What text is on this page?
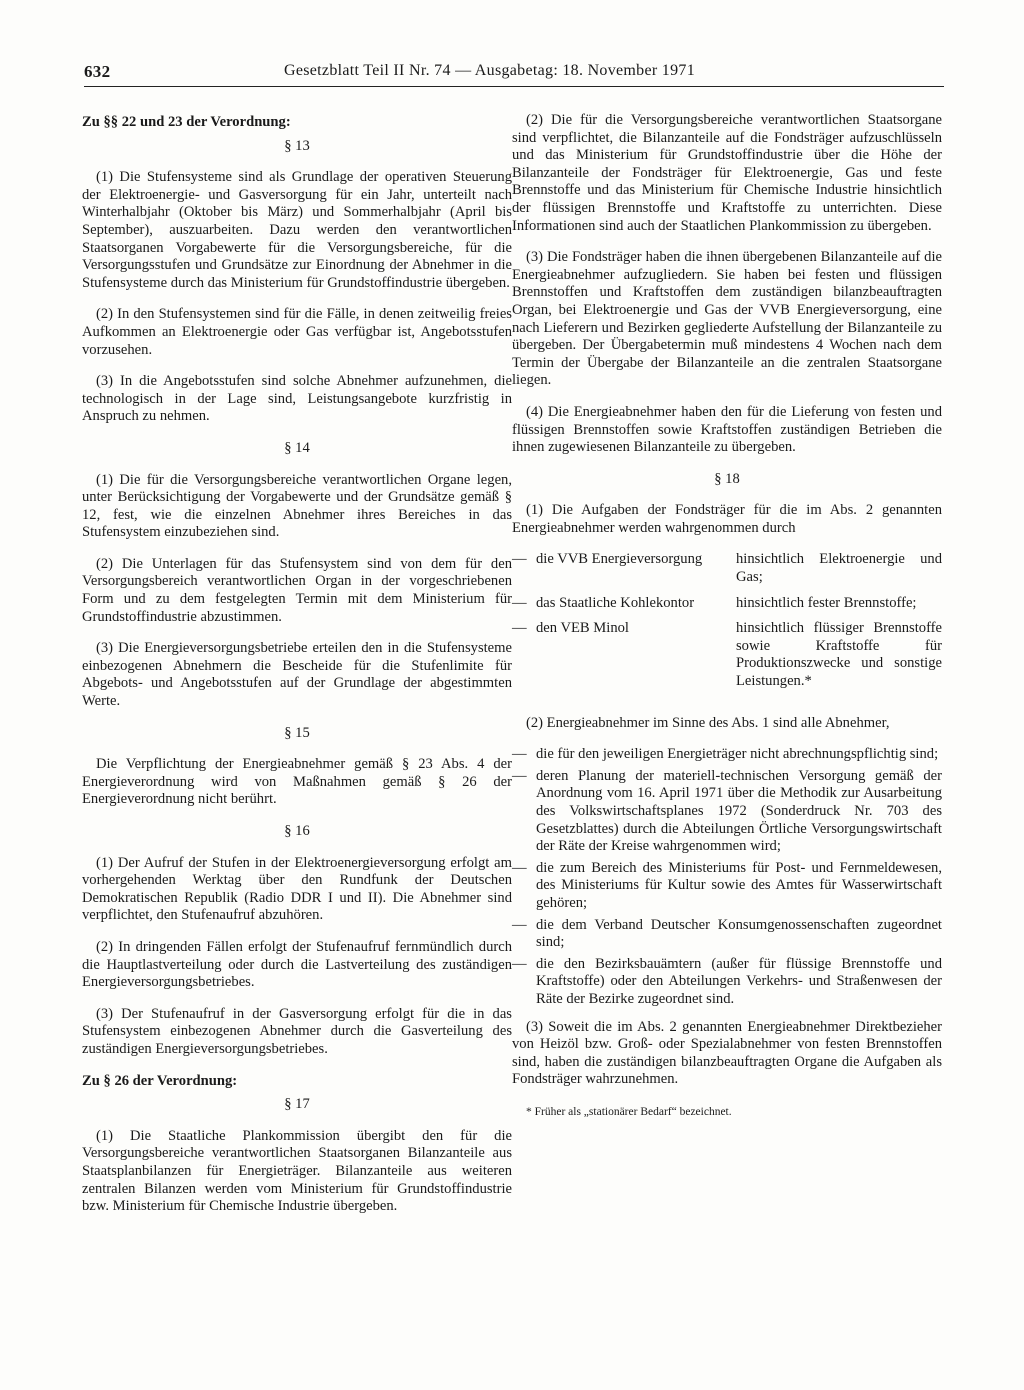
632	Gesetzblatt Teil II Nr. 74 — Ausgabetag: 18. November 1971
Zu §§ 22 und 23 der Verordnung:
§ 13

(1) Die Stufensysteme sind als Grundlage der operativen Steuerung der Elektroenergie- und Gasversorgung für ein Jahr, unterteilt nach Winterhalbjahr (Oktober bis März) und Sommerhalbjahr (April bis September), auszuarbeiten. Dazu werden den verantwortlichen Staatsorganen Vorgabewerte für die Versorgungsbereiche, für die Versorgungsstufen und Grundsätze zur Einordnung der Abnehmer in die Stufensysteme durch das Ministerium für Grundstoffindustrie übergeben.

(2) In den Stufensystemen sind für die Fälle, in denen zeitweilig freies Aufkommen an Elektroenergie oder Gas verfügbar ist, Angebotsstufen vorzusehen.

(3) In die Angebotsstufen sind solche Abnehmer aufzunehmen, die technologisch in der Lage sind, Leistungsangebote kurzfristig in Anspruch zu nehmen.

§ 14

(1) Die für die Versorgungsbereiche verantwortlichen Organe legen, unter Berücksichtigung der Vorgabewerte und der Grundsätze gemäß § 12, fest, wie die einzelnen Abnehmer ihres Bereiches in das Stufensystem einzubeziehen sind.

(2) Die Unterlagen für das Stufensystem sind von dem für den Versorgungsbereich verantwortlichen Organ in der vorgeschriebenen Form und zu dem festgelegten Termin mit dem Ministerium für Grundstoffindustrie abzustimmen.

(3) Die Energieversorgungsbetriebe erteilen den in die Stufensysteme einbezogenen Abnehmern die Bescheide für die Stufenlimite für Abgebots- und Angebotsstufen auf der Grundlage der abgestimmten Werte.

§ 15

Die Verpflichtung der Energieabnehmer gemäß § 23 Abs. 4 der Energieverordnung wird von Maßnahmen gemäß § 26 der Energieverordnung nicht berührt.

§ 16

(1) Der Aufruf der Stufen in der Elektroenergieversorgung erfolgt am vorhergehenden Werktag über den Rundfunk der Deutschen Demokratischen Republik (Radio DDR I und II). Die Abnehmer sind verpflichtet, den Stufenaufruf abzuhören.

(2) In dringenden Fällen erfolgt der Stufenaufruf fernmündlich durch die Hauptlastverteilung oder durch die Lastverteilung des zuständigen Energieversorgungsbetriebes.

(3) Der Stufenaufruf in der Gasversorgung erfolgt für die in das Stufensystem einbezogenen Abnehmer durch die Gasverteilung des zuständigen Energieversorgungsbetriebes.

Zu § 26 der Verordnung:
§ 17

(1) Die Staatliche Plankommission übergibt den für die Versorgungsbereiche verantwortlichen Staatsorganen Bilanzanteile aus Staatsplanbilanzen für Energieträger. Bilanzanteile aus weiteren zentralen Bilanzen werden vom Ministerium für Grundstoffindustrie bzw. Ministerium für Chemische Industrie übergeben.

(2) Die für die Versorgungsbereiche verantwortlichen Staatsorgane sind verpflichtet, die Bilanzanteile auf die Fondsträger aufzuschlüsseln und das Ministerium für Grundstoffindustrie über die Höhe der Bilanzanteile der Fondsträger für Elektroenergie, Gas und feste Brennstoffe und das Ministerium für Chemische Industrie hinsichtlich der flüssigen Brennstoffe und Kraftstoffe zu unterrichten. Diese Informationen sind auch der Staatlichen Plankommission zu übergeben.

(3) Die Fondsträger haben die ihnen übergebenen Bilanzanteile auf die Energieabnehmer aufzugliedern. Sie haben bei festen und flüssigen Brennstoffen und Kraftstoffen dem zuständigen bilanzbeauftragten Organ, bei Elektroenergie und Gas der VVB Energieversorgung, eine nach Lieferern und Bezirken gegliederte Aufstellung der Bilanzanteile zu übergeben. Der Übergabetermin muß mindestens 4 Wochen nach dem Termin der Übergabe der Bilanzanteile an die zentralen Staatsorgane liegen.

(4) Die Energieabnehmer haben den für die Lieferung von festen und flüssigen Brennstoffen sowie Kraftstoffen zuständigen Betrieben die ihnen zugewiesenen Bilanzanteile zu übergeben.

§ 18

(1) Die Aufgaben der Fondsträger für die im Abs. 2 genannten Energieabnehmer werden wahrgenommen durch

— die VVB Energieversorgung	hinsichtlich Elektroenergie und Gas;
— das Staatliche Kohlekontor	hinsichtlich fester Brennstoffe;
— den VEB Minol	hinsichtlich flüssiger Brennstoffe sowie Kraftstoffe für Produktionszwecke und sonstige Leistungen.*

(2) Energieabnehmer im Sinne des Abs. 1 sind alle Abnehmer,

— die für den jeweiligen Energieträger nicht abrechnungspflichtig sind;
— deren Planung der materiell-technischen Versorgung gemäß der Anordnung vom 16. April 1971 über die Methodik zur Ausarbeitung des Volkswirtschaftsplanes 1972 (Sonderdruck Nr. 703 des Gesetzblattes) durch die Abteilungen Örtliche Versorgungswirtschaft der Räte der Kreise wahrgenommen wird;
— die zum Bereich des Ministeriums für Post- und Fernmeldewesen, des Ministeriums für Kultur sowie des Amtes für Wasserwirtschaft gehören;
— die dem Verband Deutscher Konsumgenossenschaften zugeordnet sind;
— die den Bezirksbauämtern (außer für flüssige Brennstoffe und Kraftstoffe) oder den Abteilungen Verkehrs- und Straßenwesen der Räte der Bezirke zugeordnet sind.

(3) Soweit die im Abs. 2 genannten Energieabnehmer Direktbezieher von Heizöl bzw. Groß- oder Spezialabnehmer von festen Brennstoffen sind, haben die zuständigen bilanzbeauftragten Organe die Aufgaben als Fondsträger wahrzunehmen.

* Früher als „stationärer Bedarf“ bezeichnet.
